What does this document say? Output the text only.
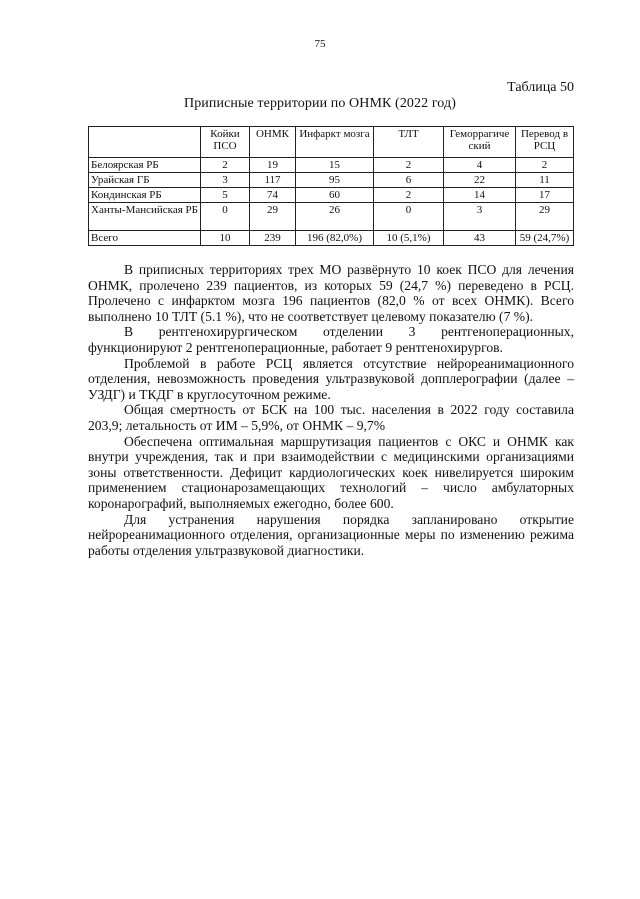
75
Таблица 50
Приписные территории по ОНМК (2022 год)
	Койки ПСО	ОНМК	Инфаркт мозга	ТЛТ	Геморрагиче ский	Перевод в РСЦ
Белоярская РБ	2	19	15	2	4	2
Урайская ГБ	3	117	95	6	22	11
Кондинская РБ	5	74	60	2	14	17
Ханты-Мансийская РБ	0	29	26	0	3	29
Всего	10	239	196 (82,0%)	10 (5,1%)	43	59 (24,7%)

В приписных территориях трех МО развёрнуто 10 коек ПСО для лечения ОНМК, пролечено 239 пациентов, из которых 59 (24,7 %) переведено в РСЦ. Пролечено с инфарктом мозга 196 пациентов (82,0 % от всех ОНМК). Всего выполнено 10 ТЛТ (5.1 %), что не соответствует целевому показателю (7 %).

В рентгенохирургическом отделении 3 рентгеноперационных, функционируют 2 рентгеноперационные, работает 9 рентгенохирургов.

Проблемой в работе РСЦ является отсутствие нейрореанимационного отделения, невозможность проведения ультразвуковой допплерографии (далее – УЗДГ) и ТКДГ в круглосуточном режиме.

Общая смертность от БСК на 100 тыс. населения в 2022 году составила 203,9; летальность от ИМ – 5,9%, от ОНМК – 9,7%

Обеспечена оптимальная маршрутизация пациентов с ОКС и ОНМК как внутри учреждения, так и при взаимодействии с медицинскими организациями зоны ответственности. Дефицит кардиологических коек нивелируется широким применением стационарозамещающих технологий – число амбулаторных коронарографий, выполняемых ежегодно, более 600.

Для устранения нарушения порядка запланировано открытие нейрореанимационного отделения, организационные меры по изменению режима работы отделения ультразвуковой диагностики.
